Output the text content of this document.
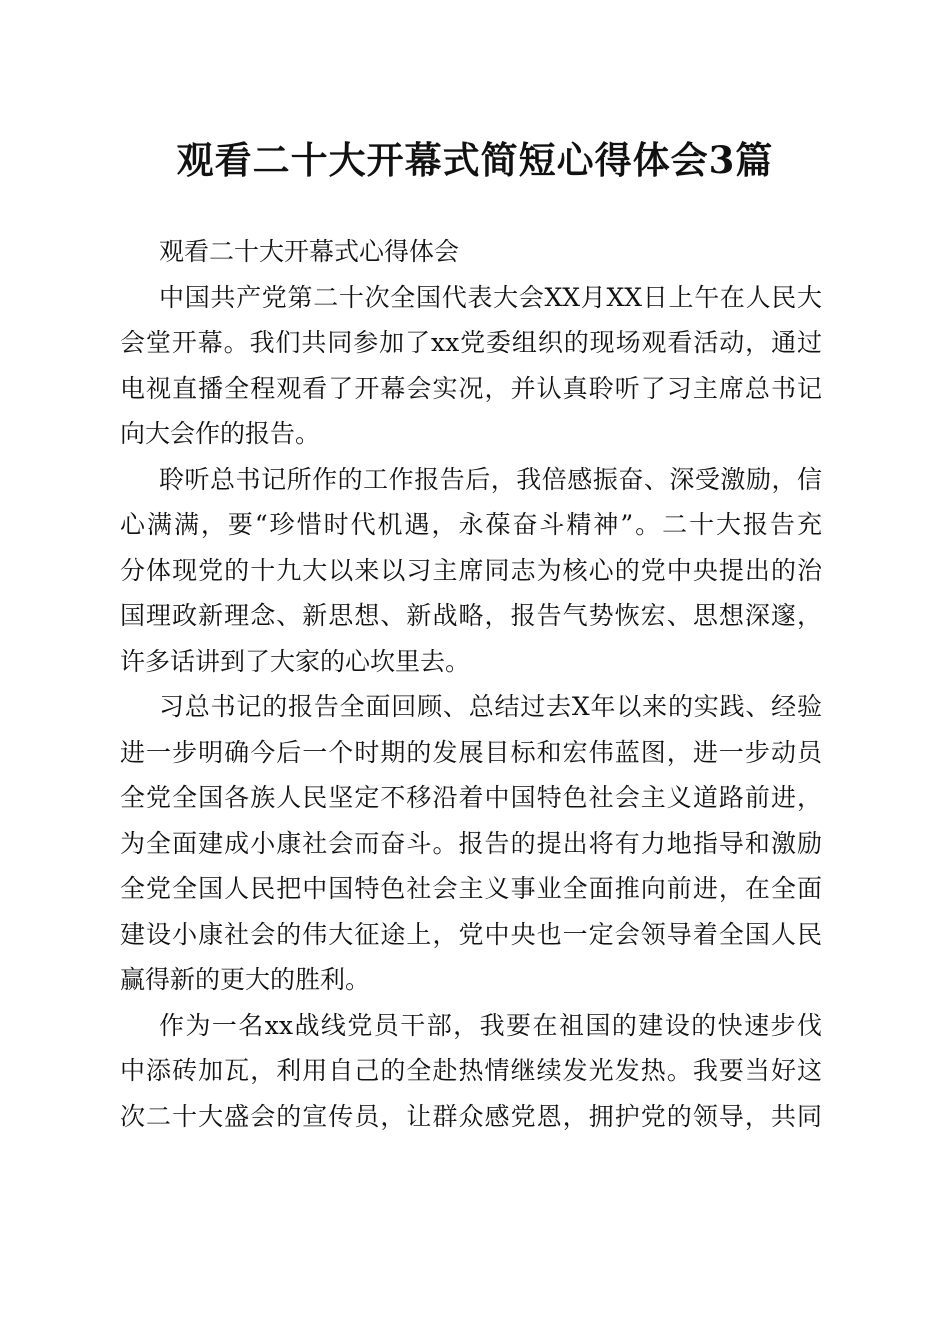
观看二十大开幕式简短心得体会3篇
观看二十大开幕式心得体会
中国共产党第二十次全国代表大会XX月XX日上午在人民大
会堂开幕。我们共同参加了xx党委组织的现场观看活动，通过
电视直播全程观看了开幕会实况，并认真聆听了习主席总书记
向大会作的报告。
聆听总书记所作的工作报告后，我倍感振奋、深受激励，信
心满满，要“珍惜时代机遇，永葆奋斗精神”。二十大报告充
分体现党的十九大以来以习主席同志为核心的党中央提出的治
国理政新理念、新思想、新战略，报告气势恢宏、思想深邃，
许多话讲到了大家的心坎里去。
习总书记的报告全面回顾、总结过去X年以来的实践、经验
进一步明确今后一个时期的发展目标和宏伟蓝图，进一步动员
全党全国各族人民坚定不移沿着中国特色社会主义道路前进，
为全面建成小康社会而奋斗。报告的提出将有力地指导和激励
全党全国人民把中国特色社会主义事业全面推向前进，在全面
建设小康社会的伟大征途上，党中央也一定会领导着全国人民
赢得新的更大的胜利。
作为一名xx战线党员干部，我要在祖国的建设的快速步伐
中添砖加瓦，利用自己的全赴热情继续发光发热。我要当好这
次二十大盛会的宣传员，让群众感党恩，拥护党的领导，共同
